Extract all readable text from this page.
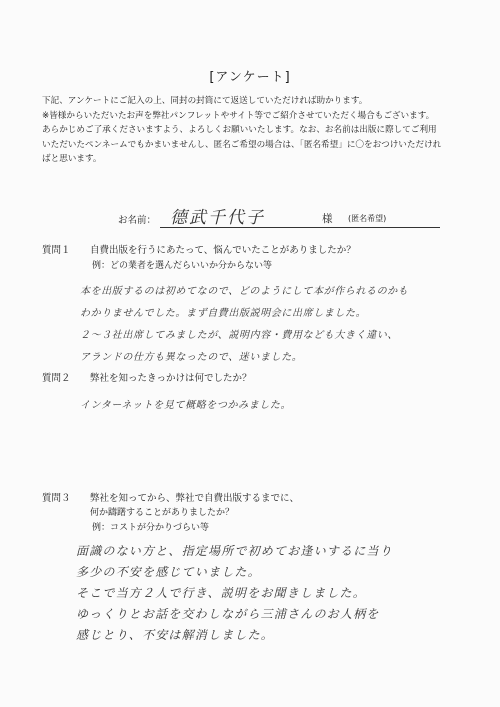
[アンケート]
下記、アンケートにご記入の上、同封の封筒にて返送していただければ助かります。
※皆様からいただいたお声を弊社パンフレットやサイト等でご紹介させていただく場合もございます。
あらかじめご了承くださいますよう、よろしくお願いいたします。なお、お名前は出版に際してご利用
いただいたペンネームでもかまいませんし、匿名ご希望の場合は、「匿名希望」に〇をおつけいただけれ
ばと思います。
お名前： 德武千代子	様 (匿名希望)
質問１ 自費出版を行うにあたって、悩んでいたことがありましたか？
例：どの業者を選んだらいいか分からない等
本を出版するのは初めてなので、どのようにして本が作られるのかも
わかりませんでした。まず自費出版説明会に出席しました。
２～３社出席してみましたが、説明内容・費用なども大きく違い、
アランドの仕方も異なったので、迷いました。
質問２ 弊社を知ったきっかけは何でしたか？
インターネットを見て概略をつかみました。
質問３ 弊社を知ってから、弊社で自費出版するまでに、
何か躊躇することがありましたか？
例：コストが分かりづらい等
面識のない方と、指定場所で初めてお逢いするに当り
多少の不安を感じていました。
そこで当方２人で行き、説明をお聞きしました。
ゆっくりとお話を交わしながら三浦さんのお人柄を
感じとり、不安は解消しました。
